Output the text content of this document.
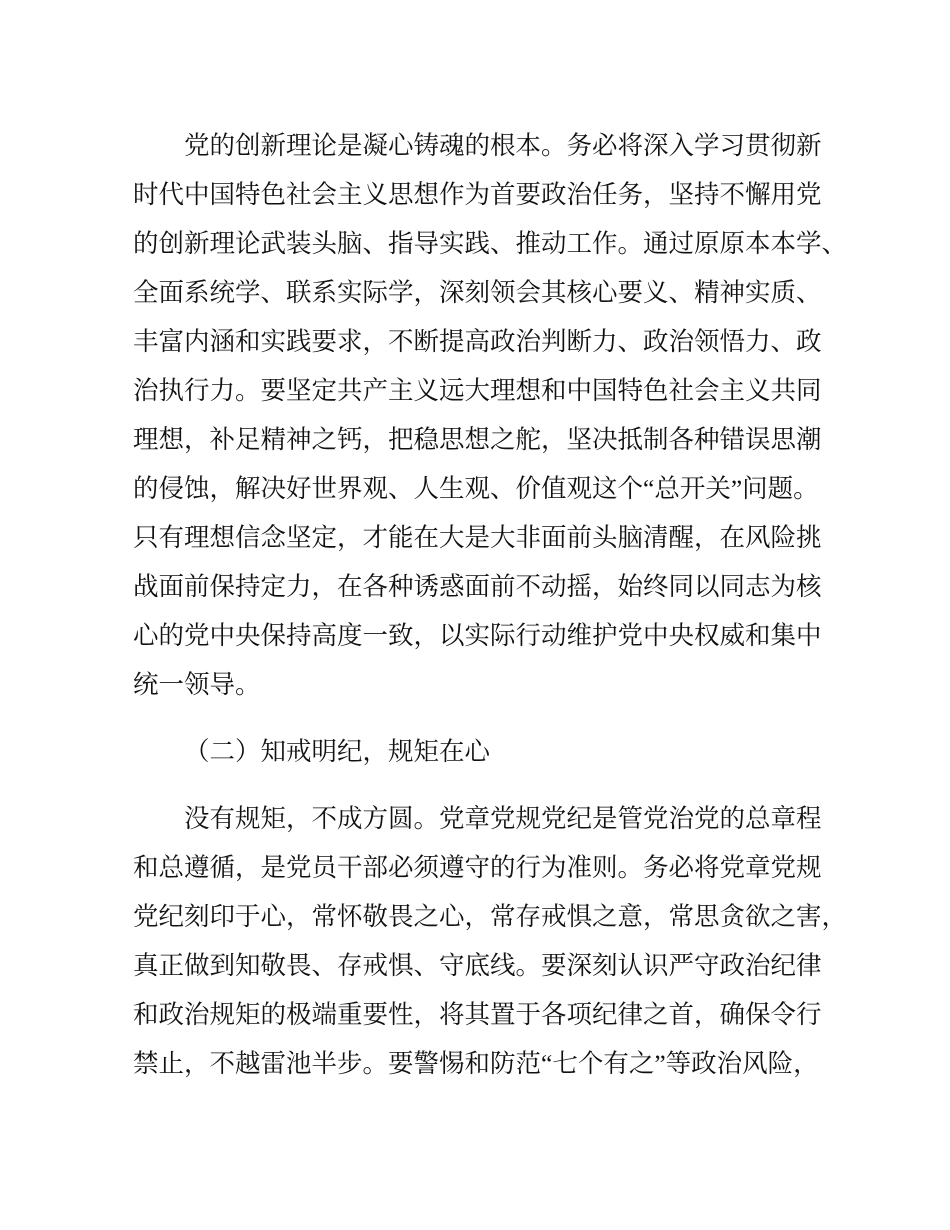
党的创新理论是凝心铸魂的根本。务必将深入学习贯彻新
时代中国特色社会主义思想作为首要政治任务，坚持不懈用党
的创新理论武装头脑、指导实践、推动工作。通过原原本本学、
全面系统学、联系实际学，深刻领会其核心要义、精神实质、
丰富内涵和实践要求，不断提高政治判断力、政治领悟力、政
治执行力。要坚定共产主义远大理想和中国特色社会主义共同
理想，补足精神之钙，把稳思想之舵，坚决抵制各种错误思潮
的侵蚀，解决好世界观、人生观、价值观这个“总开关”问题。
只有理想信念坚定，才能在大是大非面前头脑清醒，在风险挑
战面前保持定力，在各种诱惑面前不动摇，始终同以同志为核
心的党中央保持高度一致，以实际行动维护党中央权威和集中
统一领导。
（二）知戒明纪，规矩在心
没有规矩，不成方圆。党章党规党纪是管党治党的总章程
和总遵循，是党员干部必须遵守的行为准则。务必将党章党规
党纪刻印于心，常怀敬畏之心，常存戒惧之意，常思贪欲之害，
真正做到知敬畏、存戒惧、守底线。要深刻认识严守政治纪律
和政治规矩的极端重要性，将其置于各项纪律之首，确保令行
禁止，不越雷池半步。要警惕和防范“七个有之”等政治风险，
